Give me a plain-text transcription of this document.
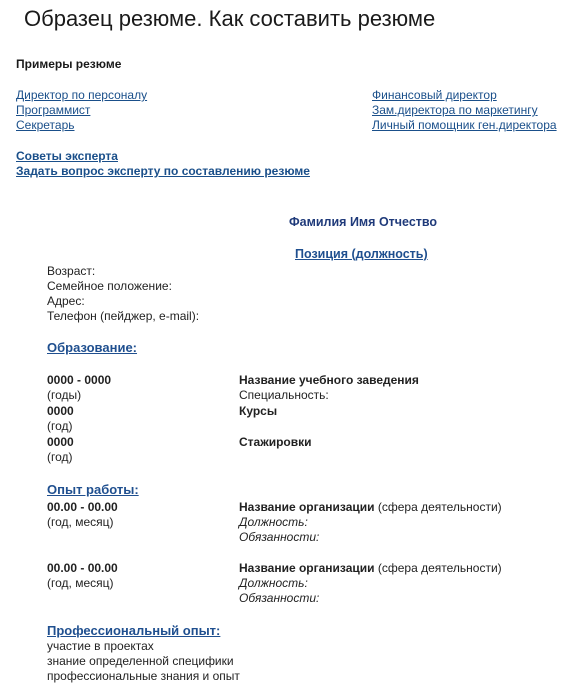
Образец резюме. Как составить резюме
Примеры резюме
Директор по персоналу
Программист
Секретарь
Финансовый директор
Зам.директора по маркетингу
Личный помощник ген.директора
Советы эксперта
Задать вопрос эксперту по составлению резюме
Фамилия Имя Отчество
Позиция (должность)
Возраст:
Семейное положение:
Адрес:
Телефон (пейджер, e-mail):
Образование:
0000 - 0000
(годы)
Название учебного заведения
Специальность:
0000
(год)
Курсы
0000
(год)
Стажировки
Опыт работы:
00.00 - 00.00
(год, месяц)
Название организации (сфера деятельности)
Должность:
Обязанности:
00.00 - 00.00
(год, месяц)
Название организации (сфера деятельности)
Должность:
Обязанности:
Профессиональный опыт:
участие в проектах
знание определенной специфики
профессиональные знания и опыт
